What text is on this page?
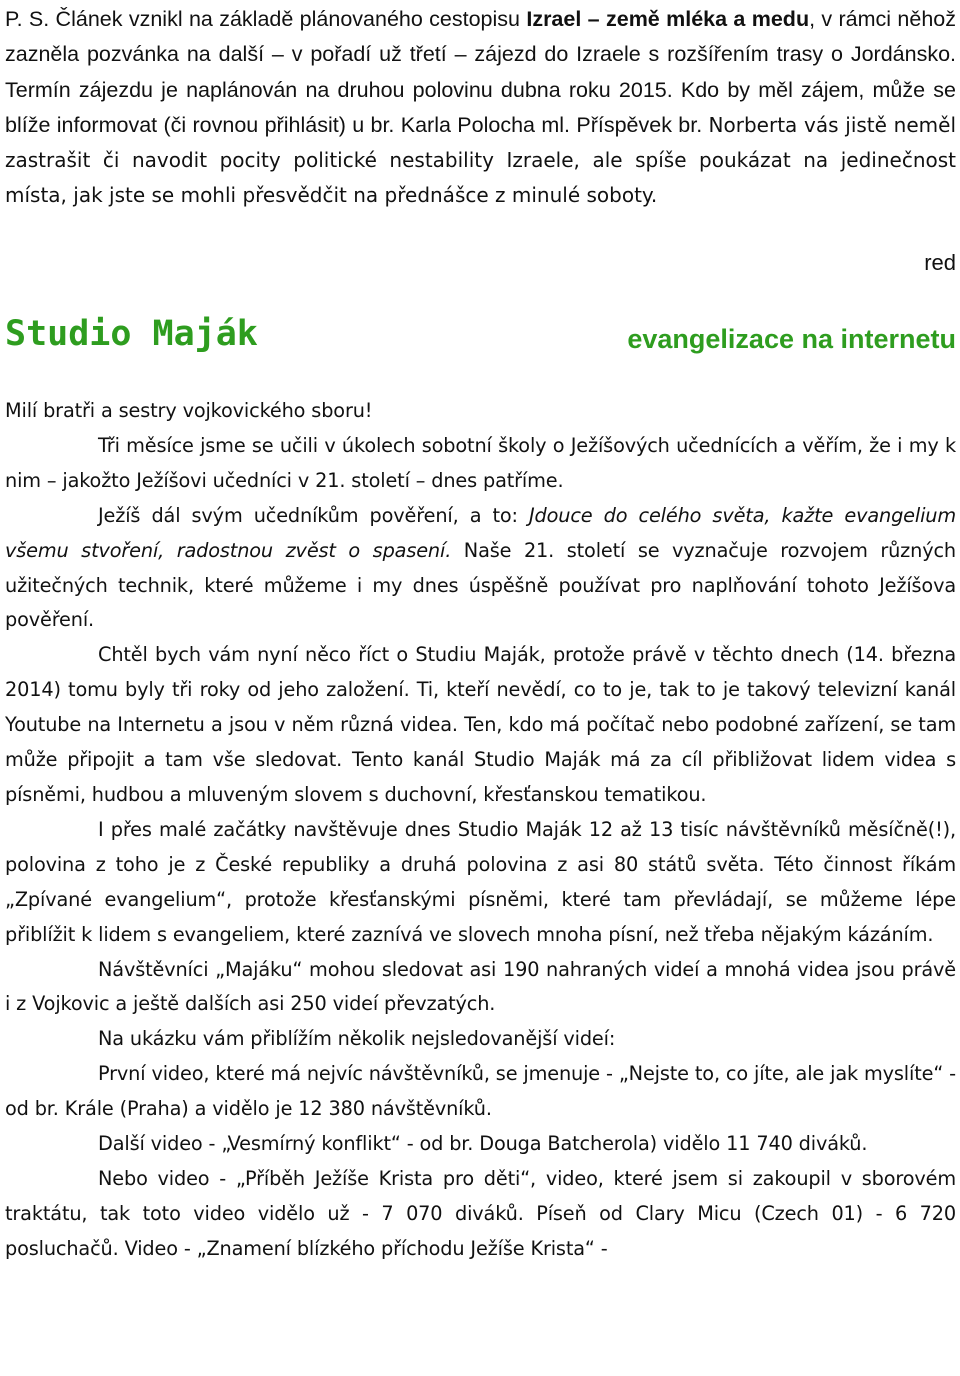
P. S. Článek vznikl na základě plánovaného cestopisu Izrael – země mléka a medu, v rámci něhož zazněla pozvánka na další – v pořadí už třetí – zájezd do Izraele s rozšířením trasy o Jordánsko. Termín zájezdu je naplánován na druhou polovinu dubna roku 2015. Kdo by měl zájem, může se blíže informovat (či rovnou přihlásit) u br. Karla Polocha ml. Příspěvek br. Norberta vás jistě neměl zastrašit či navodit pocity politické nestability Izraele, ale spíše poukázat na jedinečnost místa, jak jste se mohli přesvědčit na přednášce z minulé soboty.

red
Studio Maják	evangelizace na internetu

Milí bratři a sestry vojkovického sboru!

Tři měsíce jsme se učili v úkolech sobotní školy o Ježíšových učednících a věřím, že i my k nim – jakožto Ježíšovi učedníci v 21. století – dnes patříme.

Ježíš dál svým učedníkům pověření, a to: Jdouce do celého světa, kažte evangelium všemu stvoření, radostnou zvěst o spasení. Naše 21. století se vyznačuje rozvojem různých užitečných technik, které můžeme i my dnes úspěšně používat pro naplňování tohoto Ježíšova pověření.

Chtěl bych vám nyní něco říct o Studiu Maják, protože právě v těchto dnech (14. března 2014) tomu byly tři roky od jeho založení. Ti, kteří nevědí, co to je, tak to je takový televizní kanál Youtube na Internetu a jsou v něm různá videa. Ten, kdo má počítač nebo podobné zařízení, se tam může připojit a tam vše sledovat. Tento kanál Studio Maják má za cíl přibližovat lidem videa s písněmi, hudbou a mluveným slovem s duchovní, křesťanskou tematikou.

I přes malé začátky navštěvuje dnes Studio Maják 12 až 13 tisíc návštěvníků měsíčně(!), polovina z toho je z České republiky a druhá polovina z asi 80 států světa. Této činnost říkám „Zpívané evangelium“, protože křesťanskými písněmi, které tam převládají, se můžeme lépe přiblížit k lidem s evangeliem, které zaznívá ve slovech mnoha písní, než třeba nějakým kázáním.

Návštěvníci „Majáku“ mohou sledovat asi 190 nahraných videí a mnohá videa jsou právě i z Vojkovic a ještě dalších asi 250 videí převzatých.

Na ukázku vám přiblížím několik nejsledovanější videí:

První video, které má nejvíc návštěvníků, se jmenuje - „Nejste to, co jíte, ale jak myslíte“ - od br. Krále (Praha) a vidělo je 12 380 návštěvníků.

Další video - „Vesmírný konflikt“ - od br. Douga Batcherola) vidělo 11 740 diváků.

Nebo video - „Příběh Ježíše Krista pro děti“, video, které jsem si zakoupil v sborovém traktátu, tak toto video vidělo už - 7 070 diváků. Píseň od Clary Micu (Czech 01) - 6 720 posluchačů. Video - „Znamení blízkého příchodu Ježíše Krista“ -
